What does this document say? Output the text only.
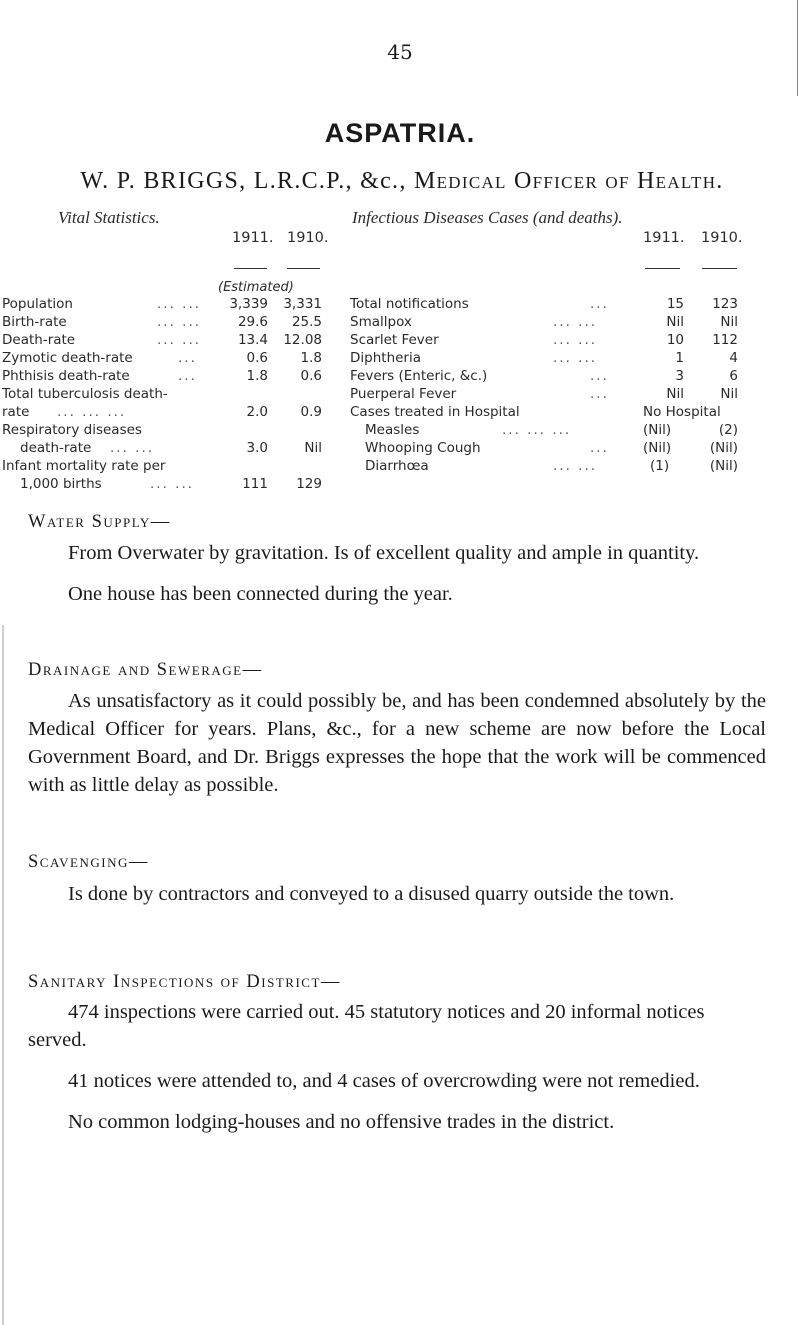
45
ASPATRIA.
W. P. BRIGGS, L.R.C.P., &c., Medical Officer of Health.
Vital Statistics.
1911. 1910.
(Estimated)
Population	... ...	3,339	3,331
Birth-rate	... ...	29.6	25.5
Death-rate	... ...	13.4	12.08
Zymotic death-rate	...	0.6	1.8
Phthisis death-rate	...	1.8	0.6
Total tuberculosis death-
rate ... ... ...	2.0	0.9
Respiratory diseases
death-rate ... ...	3.0	Nil
Infant mortality rate per
1,000 births	... ...	111	129
Infectious Diseases Cases (and deaths).
1911. 1910.
Total notifications	...	15	123
Smallpox	... ...	Nil	Nil
Scarlet Fever	... ...	10	112
Diphtheria	... ...	1	4
Fevers (Enteric, &c.)	...	3	6
Puerperal Fever	...	Nil	Nil
Cases treated in Hospital	No Hospital
Measles	... ... ...	(Nil)	(2)
Whooping Cough	...	(Nil)	(Nil)
Diarrhœa	... ...	(1)	(Nil)
Water Supply—

From Overwater by gravitation. Is of excellent quality and ample in quantity.

One house has been connected during the year.

Drainage and Sewerage—

As unsatisfactory as it could possibly be, and has been condemned absolutely by the Medical Officer for years. Plans, &c., for a new scheme are now before the Local Government Board, and Dr. Briggs expresses the hope that the work will be commenced with as little delay as possible.

Scavenging—

Is done by contractors and conveyed to a disused quarry outside the town.

Sanitary Inspections of District—

474 inspections were carried out. 45 statutory notices and 20 informal notices served.

41 notices were attended to, and 4 cases of overcrowding were not remedied.

No common lodging-houses and no offensive trades in the district.
